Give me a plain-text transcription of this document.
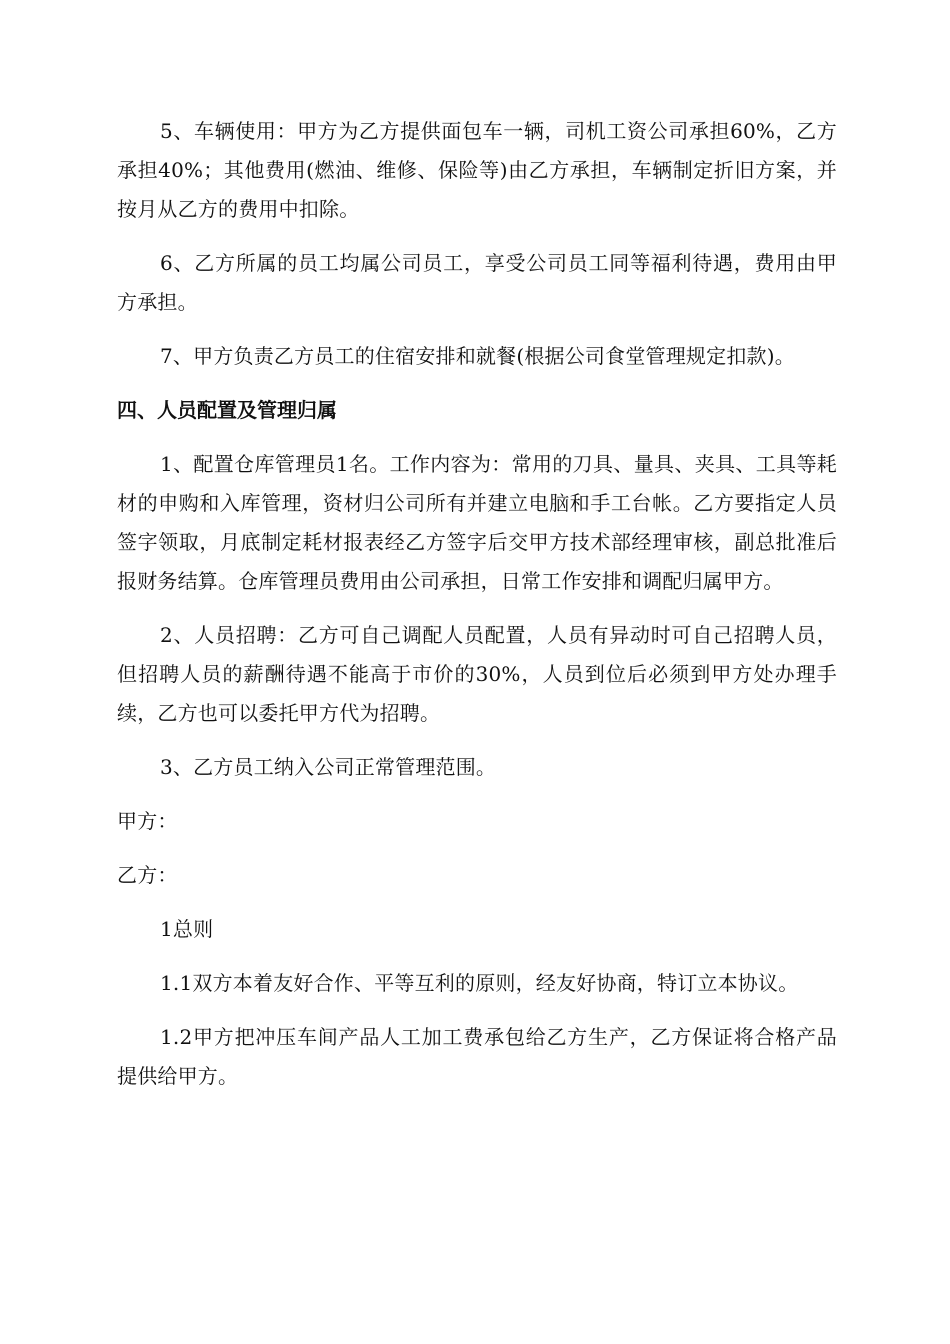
5、车辆使用：甲方为乙方提供面包车一辆，司机工资公司承担60%，乙方承担40%；其他费用(燃油、维修、保险等)由乙方承担，车辆制定折旧方案，并按月从乙方的费用中扣除。

6、乙方所属的员工均属公司员工，享受公司员工同等福利待遇，费用由甲方承担。

7、甲方负责乙方员工的住宿安排和就餐(根据公司食堂管理规定扣款)。

四、人员配置及管理归属

1、配置仓库管理员1名。工作内容为：常用的刀具、量具、夹具、工具等耗材的申购和入库管理，资材归公司所有并建立电脑和手工台帐。乙方要指定人员签字领取，月底制定耗材报表经乙方签字后交甲方技术部经理审核，副总批准后报财务结算。仓库管理员费用由公司承担，日常工作安排和调配归属甲方。

2、人员招聘：乙方可自己调配人员配置，人员有异动时可自己招聘人员，但招聘人员的薪酬待遇不能高于市价的30%，人员到位后必须到甲方处办理手续，乙方也可以委托甲方代为招聘。

3、乙方员工纳入公司正常管理范围。

甲方：

乙方：

1总则

1.1双方本着友好合作、平等互利的原则，经友好协商，特订立本协议。

1.2甲方把冲压车间产品人工加工费承包给乙方生产，乙方保证将合格产品提供给甲方。
